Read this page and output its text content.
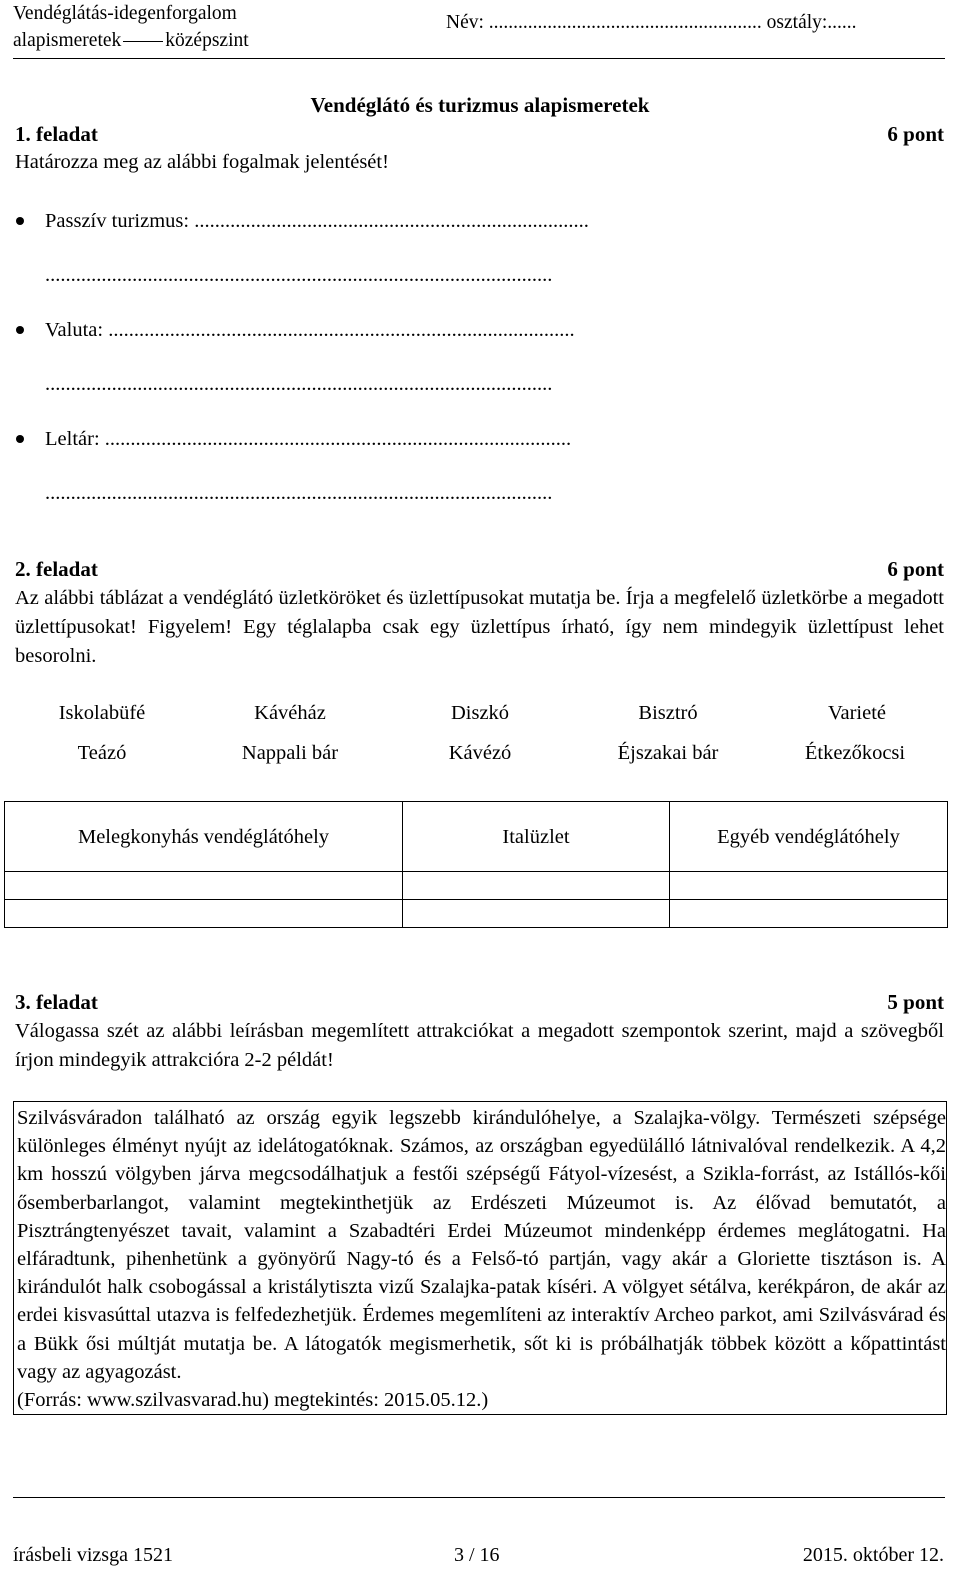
Vendéglátás-idegenforgalom
alapismeretek középszint
Név: ........................................................ osztály:......
Vendéglátó és turizmus alapismeretek
1. feladat	6 pont
Határozza meg az alábbi fogalmak jelentését!
Passzív turizmus: .............................................................................
...................................................................................................
Valuta: ...........................................................................................
...................................................................................................
Leltár: ...........................................................................................
...................................................................................................
2. feladat	6 pont
Az alábbi táblázat a vendéglátó üzletköröket és üzlettípusokat mutatja be. Írja a megfelelő üzletkörbe a megadott üzlettípusokat! Figyelem! Egy téglalapba csak egy üzlettípus írható, így nem mindegyik üzlettípust lehet besorolni.
Iskolabüfé	Kávéház	Diszkó	Bisztró	Varieté
Teázó	Nappali bár	Kávézó	Éjszakai bár	Étkezőkocsi
Melegkonyhás vendéglátóhely	Italüzlet	Egyéb vendéglátóhely

3. feladat	5 pont
Válogassa szét az alábbi leírásban megemlített attrakciókat a megadott szempontok szerint, majd a szövegből írjon mindegyik attrakcióra 2-2 példát!
Szilvásváradon található az ország egyik legszebb kirándulóhelye, a Szalajka-völgy. Természeti szépsége különleges élményt nyújt az idelátogatóknak. Számos, az országban egyedülálló látnivalóval rendelkezik. A 4,2 km hosszú völgyben járva megcsodálhatjuk a festői szépségű Fátyol-vízesést, a Szikla-forrást, az Istállós-kői ősemberbarlangot, valamint megtekinthetjük az Erdészeti Múzeumot is. Az élővad bemutatót, a Pisztrángtenyészet tavait, valamint a Szabadtéri Erdei Múzeumot mindenképp érdemes meglátogatni. Ha elfáradtunk, pihenhetünk a gyönyörű Nagy-tó és a Felső-tó partján, vagy akár a Gloriette tisztáson is. A kirándulót halk csobogással a kristálytiszta vizű Szalajka-patak kíséri. A völgyet sétálva, kerékpáron, de akár az erdei kisvasúttal utazva is felfedezhetjük. Érdemes megemlíteni az interaktív Archeo parkot, ami Szilvásvárad és a Bükk ősi múltját mutatja be. A látogatók megismerhetik, sőt ki is próbálhatják többek között a kőpattintást vagy az agyagozást.
(Forrás: www.szilvasvarad.hu) megtekintés: 2015.05.12.)
írásbeli vizsga 1521	3 / 16	2015. október 12.
